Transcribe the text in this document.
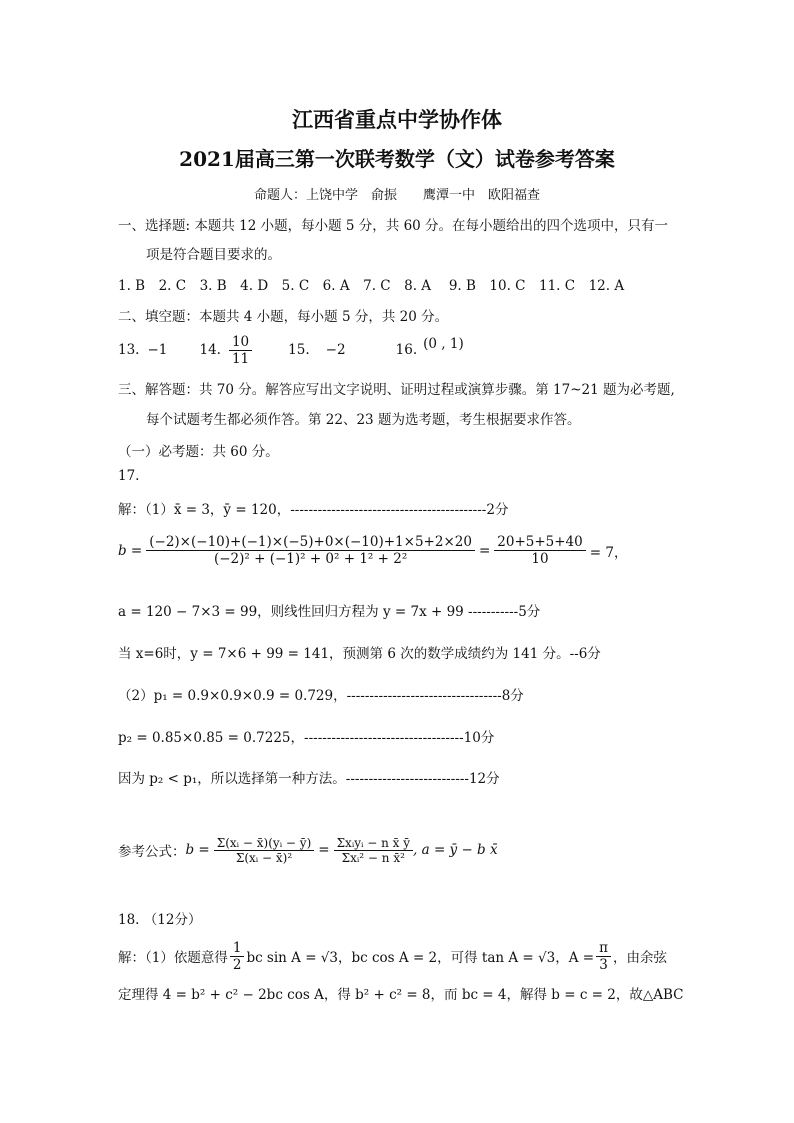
江西省重点中学协作体
2021届高三第一次联考数学（文）试卷参考答案
命题人：上饶中学　俞振　　鹰潭一中　欧阳福查
一、选择题: 本题共 12 小题，每小题 5 分，共 60 分。在每小题给出的四个选项中，只有一
项是符合题目要求的。
1. B　2. C　3. B　4. D　5. C　6. A　7. C　8. A　 9. B　10. C　11. C　12. A
二、填空题：本题共 4 小题，每小题 5 分，共 20 分。
13. −1	14. $\frac{10}{11}$	15. −2	16. (0 , 1)
三、解答题：共 70 分。解答应写出文字说明、证明过程或演算步骤。第 17~21 题为必考题,
每个试题考生都必须作答。第 22、23 题为选考题，考生根据要求作答。
（一）必考题：共 60 分。
17.
解：（1）x̄ = 3，ȳ = 120，-------------------------------------------2分
$b = \frac{(-2)\times(-10)+(-1)\times(-5)+0\times(-10)+1\times 5+2\times 20}{\text{(−2)² + (−1)² + 0² + 1² + 2²}} = \frac{20+5+5+40}{10} = 7$，
a = 120 − 7×3 = 99，则线性回归方程为 y = 7x + 99 -----------5分
当 x=6时，y = 7×6 + 99 = 141，预测第 6 次的数学成绩约为 141 分。--6分
（2）p₁ = 0.9×0.9×0.9 = 0.729，----------------------------------8分
p₂ = 0.85×0.85 = 0.7225，-----------------------------------10分
因为 p₂ < p₁，所以选择第一种方法。---------------------------12分
参考公式： $b = \frac{\text{Σ(xᵢ − x̄)(yᵢ − ȳ)}}{\text{Σ(xᵢ − x̄)²}} = \frac{\text{Σxᵢyᵢ − n x̄ ȳ}}{\text{Σxᵢ² − n x̄²}}$ , a = ȳ − b x̄
18. （12分）
解：（1）依题意得 $\frac{1}{2}$ bc sin A = √3，bc cos A = 2，可得 tan A = √3，$A = \frac{\pi}{3}$ ，由余弦
定理得 4 = b² + c² − 2bc cos A，得 b² + c² = 8，而 bc = 4，解得 b = c = 2，故△ABC
